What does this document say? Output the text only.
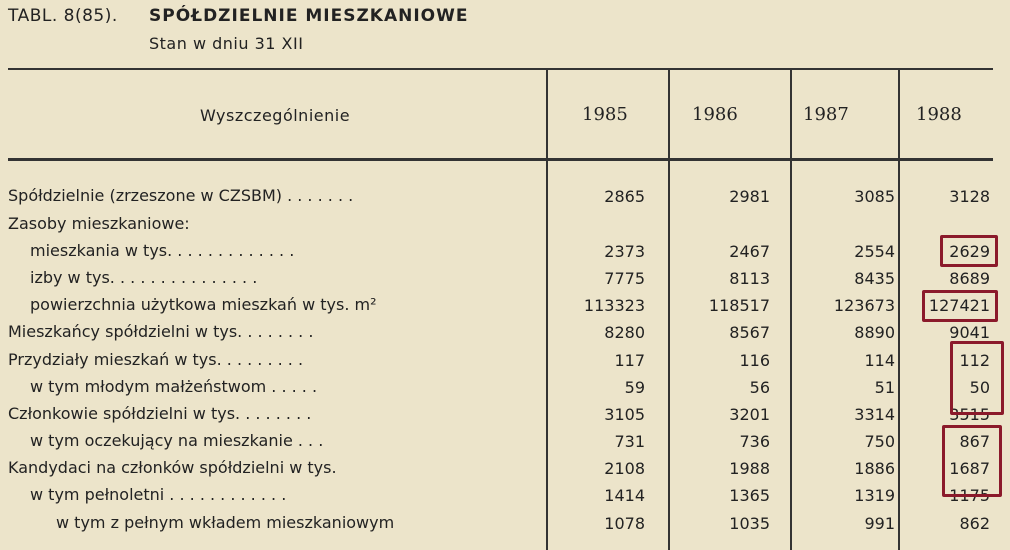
TABL. 8(85). SPÓŁDZIELNIE MIESZKANIOWE
Stan w dniu 31 XII
Wyszczególnienie	1985	1986	1987	1988
Spółdzielnie (zrzeszone w CZSBM) . . . . . . .	2865	2981	3085	3128
Zasoby mieszkaniowe:
mieszkania w tys. . . . . . . . . . . . .	2373	2467	2554	2629
izby w tys. . . . . . . . . . . . . . .	7775	8113	8435	8689
powierzchnia użytkowa mieszkań w tys. m²	113323	118517	123673	127421
Mieszkańcy spółdzielni w tys. . . . . . . .	8280	8567	8890	9041
Przydziały mieszkań w tys. . . . . . . . .	117	116	114	112
w tym młodym małżeństwom . . . . .	59	56	51	50
Członkowie spółdzielni w tys. . . . . . . .	3105	3201	3314	3515
w tym oczekujący na mieszkanie . . .	731	736	750	867
Kandydaci na członków spółdzielni w tys.	2108	1988	1886	1687
w tym pełnoletni . . . . . . . . . . . .	1414	1365	1319	1175
w tym z pełnym wkładem mieszkaniowym	1078	1035	991	862
